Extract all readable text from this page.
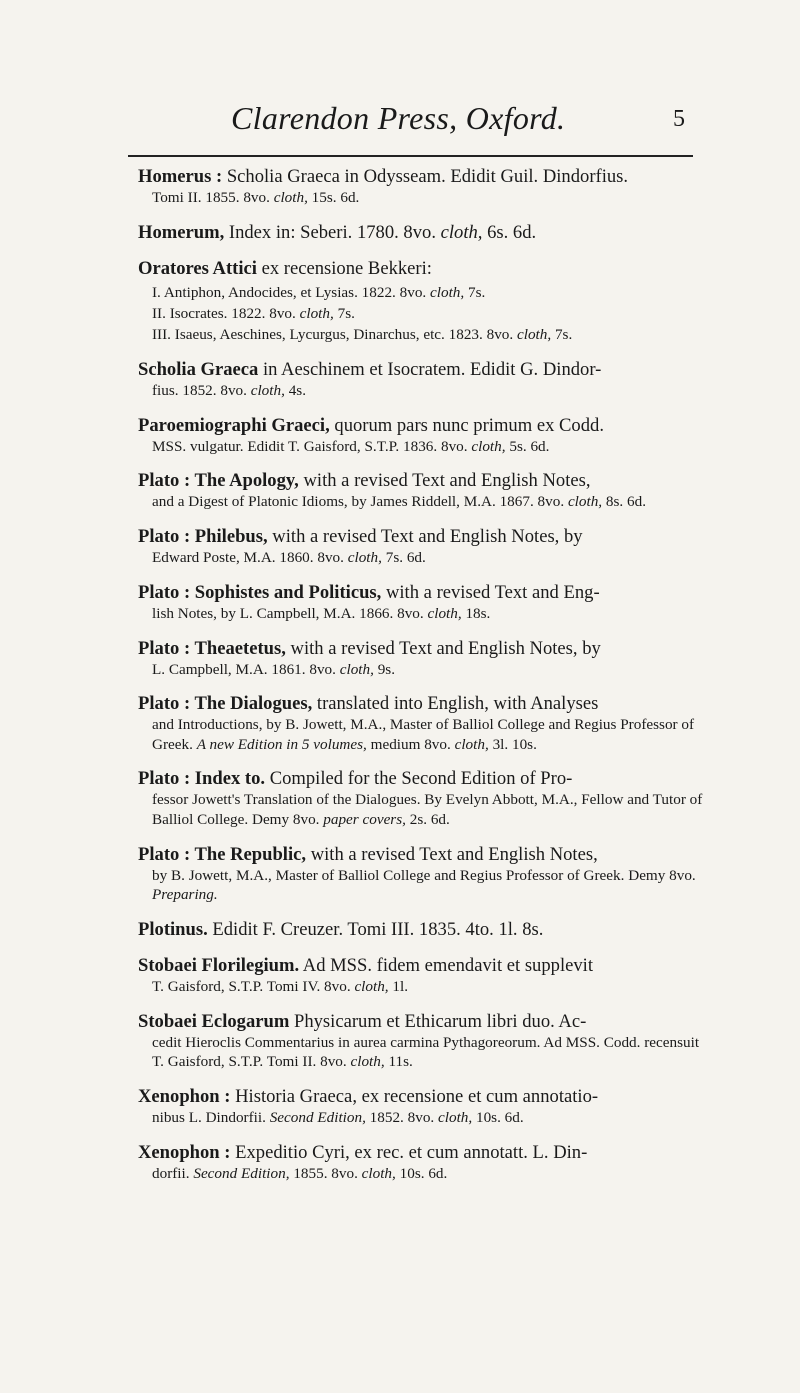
Clarendon Press, Oxford.	5

Homerus : Scholia Graeca in Odysseam. Edidit Guil. Dindorfius.

Tomi II. 1855. 8vo. cloth, 15s. 6d.

Homerum, Index in: Seberi. 1780. 8vo. cloth, 6s. 6d.

Oratores Attici ex recensione Bekkeri:

I. Antiphon, Andocides, et Lysias. 1822. 8vo. cloth, 7s.

II. Isocrates. 1822. 8vo. cloth, 7s.

III. Isaeus, Aeschines, Lycurgus, Dinarchus, etc. 1823. 8vo. cloth, 7s.

Scholia Graeca in Aeschinem et Isocratem. Edidit G. Dindor-

fius. 1852. 8vo. cloth, 4s.

Paroemiographi Graeci, quorum pars nunc primum ex Codd.

MSS. vulgatur. Edidit T. Gaisford, S.T.P. 1836. 8vo. cloth, 5s. 6d.

Plato : The Apology, with a revised Text and English Notes,

and a Digest of Platonic Idioms, by James Riddell, M.A. 1867. 8vo. cloth, 8s. 6d.

Plato : Philebus, with a revised Text and English Notes, by

Edward Poste, M.A. 1860. 8vo. cloth, 7s. 6d.

Plato : Sophistes and Politicus, with a revised Text and Eng-

lish Notes, by L. Campbell, M.A. 1866. 8vo. cloth, 18s.

Plato : Theaetetus, with a revised Text and English Notes, by

L. Campbell, M.A. 1861. 8vo. cloth, 9s.

Plato : The Dialogues, translated into English, with Analyses

and Introductions, by B. Jowett, M.A., Master of Balliol College and Regius Professor of Greek. A new Edition in 5 volumes, medium 8vo. cloth, 3l. 10s.

Plato : Index to. Compiled for the Second Edition of Pro-

fessor Jowett's Translation of the Dialogues. By Evelyn Abbott, M.A., Fellow and Tutor of Balliol College. Demy 8vo. paper covers, 2s. 6d.

Plato : The Republic, with a revised Text and English Notes,

by B. Jowett, M.A., Master of Balliol College and Regius Professor of Greek. Demy 8vo. Preparing.

Plotinus. Edidit F. Creuzer. Tomi III. 1835. 4to. 1l. 8s.

Stobaei Florilegium. Ad MSS. fidem emendavit et supplevit

T. Gaisford, S.T.P. Tomi IV. 8vo. cloth, 1l.

Stobaei Eclogarum Physicarum et Ethicarum libri duo. Ac-

cedit Hieroclis Commentarius in aurea carmina Pythagoreorum. Ad MSS. Codd. recensuit T. Gaisford, S.T.P. Tomi II. 8vo. cloth, 11s.

Xenophon : Historia Graeca, ex recensione et cum annotatio-

nibus L. Dindorfii. Second Edition, 1852. 8vo. cloth, 10s. 6d.

Xenophon : Expeditio Cyri, ex rec. et cum annotatt. L. Din-

dorfii. Second Edition, 1855. 8vo. cloth, 10s. 6d.
